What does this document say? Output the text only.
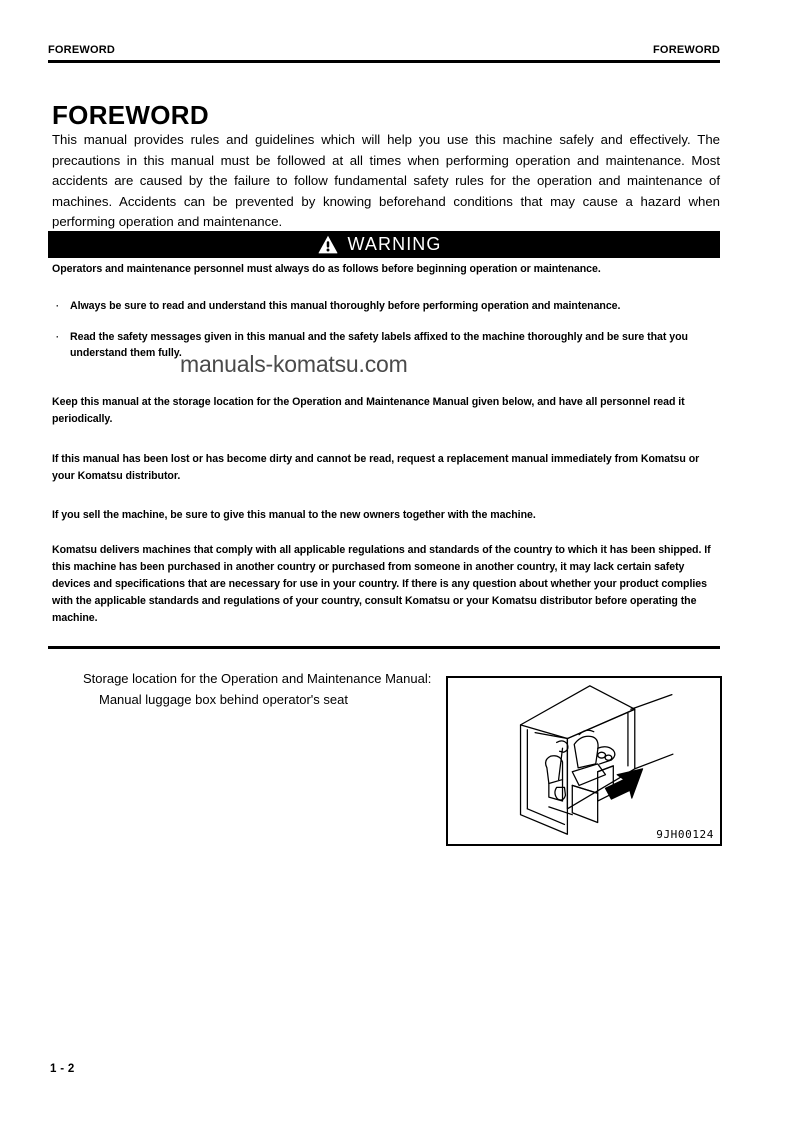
FOREWORD	FOREWORD
FOREWORD
This manual provides rules and guidelines which will help you use this machine safely and effectively. The precautions in this manual must be followed at all times when performing operation and maintenance. Most accidents are caused by the failure to follow fundamental safety rules for the operation and maintenance of machines. Accidents can be prevented by knowing beforehand conditions that may cause a hazard when performing operation and maintenance.
WARNING
Operators and maintenance personnel must always do as follows before beginning operation or maintenance.
·	Always be sure to read and understand this manual thoroughly before performing operation and maintenance.
·	Read the safety messages given in this manual and the safety labels affixed to the machine thoroughly and be sure that you understand them fully.
manuals-komatsu.com
Keep this manual at the storage location for the Operation and Maintenance Manual given below, and have all personnel read it periodically.
If this manual has been lost or has become dirty and cannot be read, request a replacement manual immediately from Komatsu or your Komatsu distributor.
If you sell the machine, be sure to give this manual to the new owners together with the machine.
Komatsu delivers machines that comply with all applicable regulations and standards of the country to which it has been shipped. If this machine has been purchased in another country or purchased from someone in another country, it may lack certain safety devices and specifications that are necessary for use in your country. If there is any question about whether your product complies with the applicable standards and regulations of your country, consult Komatsu or your Komatsu distributor before operating the machine.
Storage location for the Operation and Maintenance Manual:
Manual luggage box behind operator's seat
9JH00124
1 - 2
